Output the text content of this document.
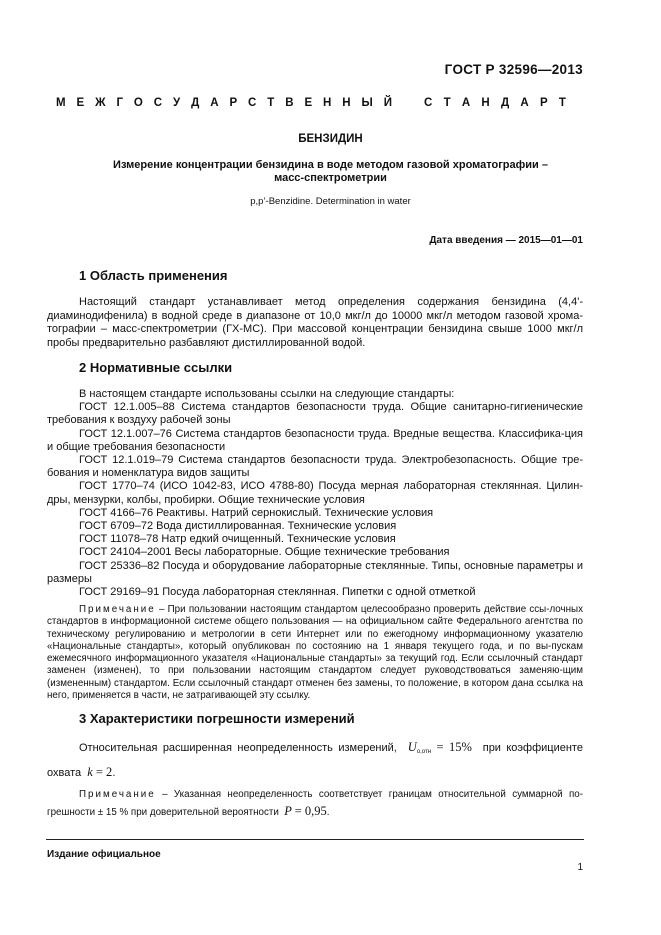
ГОСТ Р 32596—2013
М Е Ж Г О С У Д А Р С Т В Е Н Н Ы Й	С Т А Н Д А Р Т
БЕНЗИДИН
Измерение концентрации бензидина в воде методом газовой хроматографии –
масс-спектрометрии
p,p’-Benzidine. Determination in water
Дата введения — 2015—01—01
1 Область применения
Настоящий стандарт устанавливает метод определения содержания бензидина (4,4'-диаминодифенила) в водной среде в диапазоне от 10,0 мкг/л до 10000 мкг/л методом газовой хрома-тографии – масс-спектрометрии (ГХ-МС). При массовой концентрации бензидина свыше 1000 мкг/л пробы предварительно разбавляют дистиллированной водой.
2 Нормативные ссылки
В настоящем стандарте использованы ссылки на следующие стандарты:
ГОСТ 12.1.005–88 Система стандартов безопасности труда. Общие санитарно-гигиенические требования к воздуху рабочей зоны
ГОСТ 12.1.007–76 Система стандартов безопасности труда. Вредные вещества. Классифика-ция и общие требования безопасности
ГОСТ 12.1.019–79 Система стандартов безопасности труда. Электробезопасность. Общие тре-бования и номенклатура видов защиты
ГОСТ 1770–74 (ИСО 1042-83, ИСО 4788-80) Посуда мерная лабораторная стеклянная. Цилин-дры, мензурки, колбы, пробирки. Общие технические условия
ГОСТ 4166–76 Реактивы. Натрий сернокислый. Технические условия
ГОСТ 6709–72 Вода дистиллированная. Технические условия
ГОСТ 11078–78 Натр едкий очищенный. Технические условия
ГОСТ 24104–2001 Весы лабораторные. Общие технические требования
ГОСТ 25336–82 Посуда и оборудование лабораторные стеклянные. Типы, основные параметры и размеры
ГОСТ 29169–91 Посуда лабораторная стеклянная. Пипетки с одной отметкой
Примечание – При пользовании настоящим стандартом целесообразно проверить действие ссы-лочных стандартов в информационной системе общего пользования — на официальном сайте Федерального агентства по техническому регулированию и метрологии в сети Интернет или по ежегодному информационному указателю «Национальные стандарты», который опубликован по состоянию на 1 января текущего года, и по вы-пускам ежемесячного информационного указателя «Национальные стандарты» за текущий год. Если ссылочный стандарт заменен (изменен), то при пользовании настоящим стандартом следует руководствоваться заменяю-щим (измененным) стандартом. Если ссылочный стандарт отменен без замены, то положение, в котором дана ссылка на него, применяется в части, не затрагивающей эту ссылку.
3 Характеристики погрешности измерений
Относительная расширенная неопределенность измерений, $U_{о,отн} = 15\%$ при коэффициенте
охвата k = 2.
Примечание – Указанная неопределенность соответствует границам относительной суммарной по-грешности ± 15 % при доверительной вероятности P = 0,95.
Издание официальное
1
